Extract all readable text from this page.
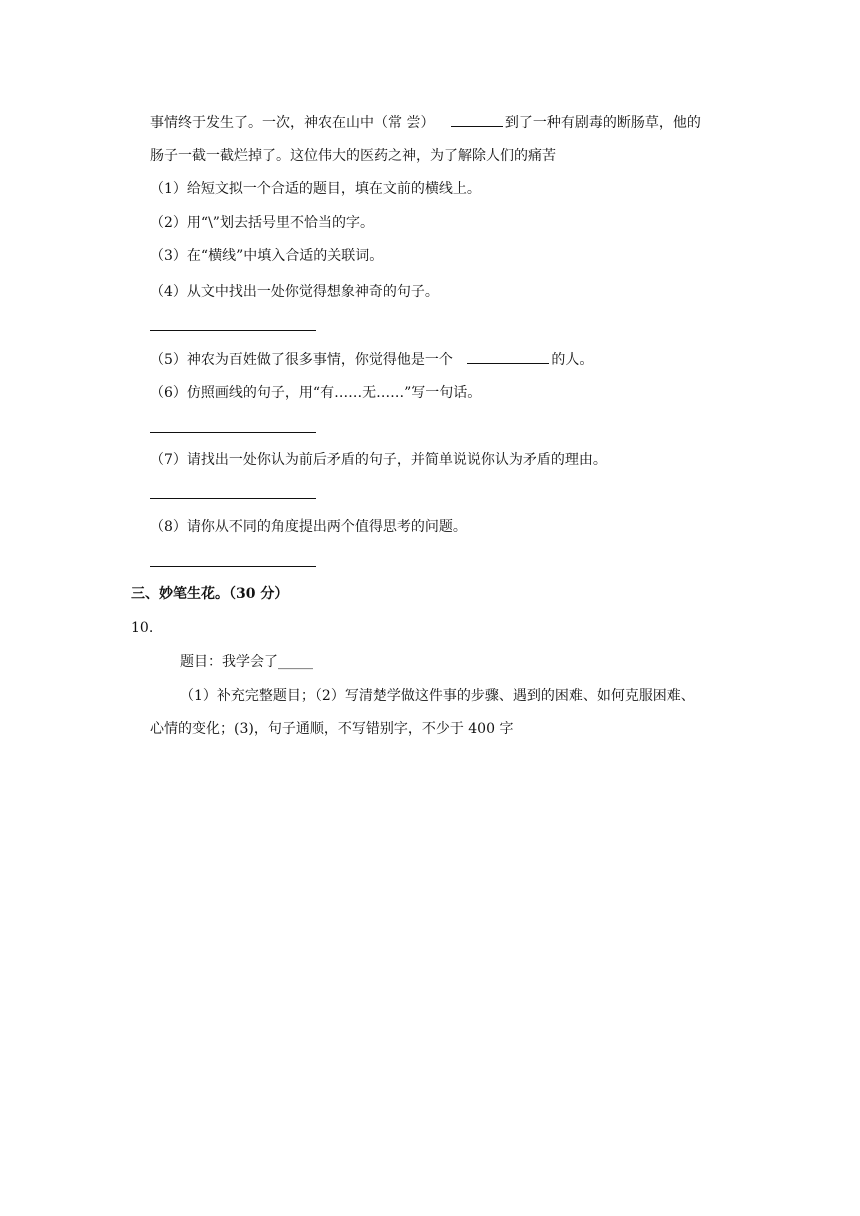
事情终于发生了。一次，神农在山中（常 尝）	到了一种有剧毒的断肠草，他的
肠子一截一截烂掉了。这位伟大的医药之神，为了解除人们的痛苦
（1）给短文拟一个合适的题目，填在文前的横线上。
（2）用“\”划去括号里不恰当的字。
（3）在“横线”中填入合适的关联词。
（4）从文中找出一处你觉得想象神奇的句子。
（5）神农为百姓做了很多事情，你觉得他是一个	的人。
（6）仿照画线的句子，用“有……无……”写一句话。
（7）请找出一处你认为前后矛盾的句子，并简单说说你认为矛盾的理由。
（8）请你从不同的角度提出两个值得思考的问题。
三、妙笔生花。（30 分）
10.
题目：我学会了_____
（1）补充完整题目；（2）写清楚学做这件事的步骤、遇到的困难、如何克服困难、
心情的变化；(3)，句子通顺，不写错别字，不少于 400 字
